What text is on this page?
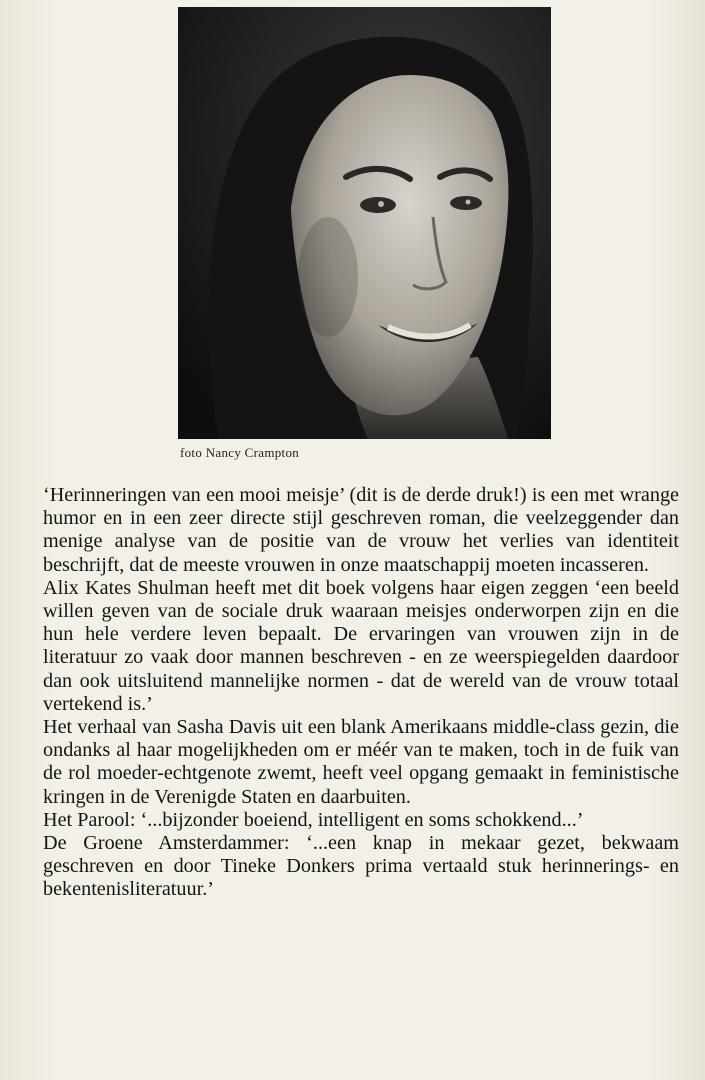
foto Nancy Crampton

‘Herinneringen van een mooi meisje’ (dit is de derde druk!) is een met wrange humor en in een zeer directe stijl geschreven roman, die veelzeggender dan menige analyse van de positie van de vrouw het verlies van identiteit beschrijft, dat de meeste vrouwen in onze maatschappij moeten incasseren.

Alix Kates Shulman heeft met dit boek volgens haar eigen zeggen ‘een beeld willen geven van de sociale druk waaraan meisjes onderworpen zijn en die hun hele verdere leven bepaalt. De ervaringen van vrouwen zijn in de literatuur zo vaak door mannen beschreven - en ze weerspiegelden daardoor dan ook uitsluitend mannelijke normen - dat de wereld van de vrouw totaal vertekend is.’

Het verhaal van Sasha Davis uit een blank Amerikaans middle-class gezin, die ondanks al haar mogelijkheden om er méér van te maken, toch in de fuik van de rol moeder-echtgenote zwemt, heeft veel opgang gemaakt in feministische kringen in de Verenigde Staten en daarbuiten.

Het Parool: ‘...bijzonder boeiend, intelligent en soms schokkend...’

De Groene Amsterdammer: ‘...een knap in mekaar gezet, bekwaam geschreven en door Tineke Donkers prima vertaald stuk herinnerings- en bekentenisliteratuur.’
